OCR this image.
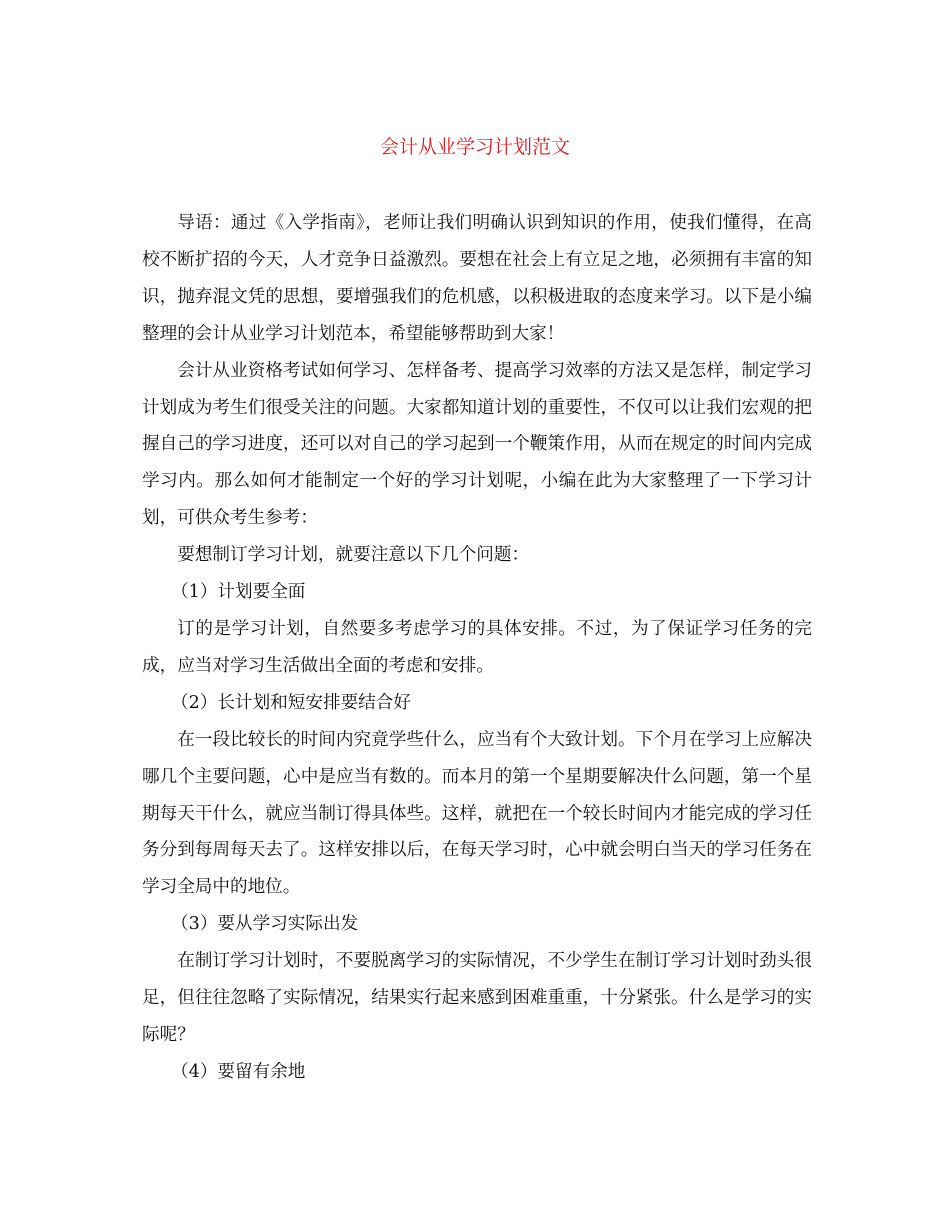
会计从业学习计划范文

导语：通过《入学指南》，老师让我们明确认识到知识的作用，使我们懂得，在高校不断扩招的今天，人才竞争日益激烈。要想在社会上有立足之地，必须拥有丰富的知识，抛弃混文凭的思想，要增强我们的危机感，以积极进取的态度来学习。以下是小编整理的会计从业学习计划范本，希望能够帮助到大家！

会计从业资格考试如何学习、怎样备考、提高学习效率的方法又是怎样，制定学习计划成为考生们很受关注的问题。大家都知道计划的重要性，不仅可以让我们宏观的把握自己的学习进度，还可以对自己的学习起到一个鞭策作用，从而在规定的时间内完成学习内。那么如何才能制定一个好的学习计划呢，小编在此为大家整理了一下学习计划，可供众考生参考：

要想制订学习计划，就要注意以下几个问题：

（1）计划要全面

订的是学习计划，自然要多考虑学习的具体安排。不过，为了保证学习任务的完成，应当对学习生活做出全面的考虑和安排。

（2）长计划和短安排要结合好

在一段比较长的时间内究竟学些什么，应当有个大致计划。下个月在学习上应解决哪几个主要问题，心中是应当有数的。而本月的第一个星期要解决什么问题，第一个星期每天干什么，就应当制订得具体些。这样，就把在一个较长时间内才能完成的学习任务分到每周每天去了。这样安排以后，在每天学习时，心中就会明白当天的学习任务在学习全局中的地位。

（3）要从学习实际出发

在制订学习计划时，不要脱离学习的实际情况，不少学生在制订学习计划时劲头很足，但往往忽略了实际情况，结果实行起来感到困难重重，十分紧张。什么是学习的实际呢？

（4）要留有余地
